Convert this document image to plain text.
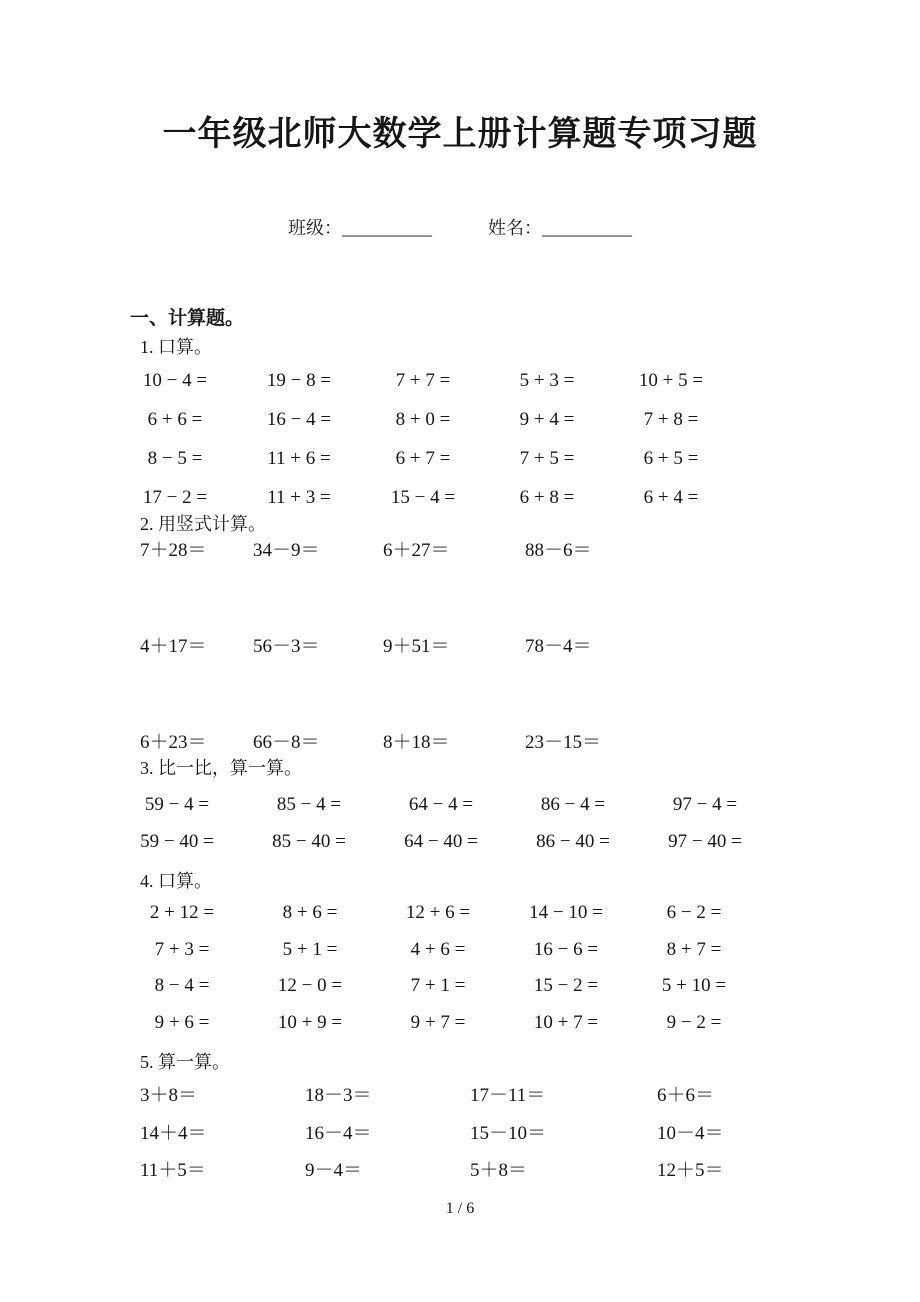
一年级北师大数学上册计算题专项习题
班级：__________	姓名：__________
一、计算题。
1. 口算。
10 − 4 =	19 − 8 =	7 + 7 =	5 + 3 =	10 + 5 =
6 + 6 =	16 − 4 =	8 + 0 =	9 + 4 =	7 + 8 =
8 − 5 =	11 + 6 =	6 + 7 =	7 + 5 =	6 + 5 =
17 − 2 =	11 + 3 =	15 − 4 =	6 + 8 =	6 + 4 =
2. 用竖式计算。
7＋28＝	34－9＝	6＋27＝	88－6＝
4＋17＝	56－3＝	9＋51＝	78－4＝
6＋23＝	66－8＝	8＋18＝	23－15＝
3. 比一比，算一算。
59 − 4 =	85 − 4 =	64 − 4 =	86 − 4 =	97 − 4 =
59 − 40 =	85 − 40 =	64 − 40 =	86 − 40 =	97 − 40 =
4. 口算。
2 + 12 =	8 + 6 =	12 + 6 =	14 − 10 =	6 − 2 =
7 + 3 =	5 + 1 =	4 + 6 =	16 − 6 =	8 + 7 =
8 − 4 =	12 − 0 =	7 + 1 =	15 − 2 =	5 + 10 =
9 + 6 =	10 + 9 =	9 + 7 =	10 + 7 =	9 − 2 =
5. 算一算。
3＋8＝	18－3＝	17－11＝	6＋6＝
14＋4＝	16－4＝	15－10＝	10－4＝
11＋5＝	9－4＝	5＋8＝	12＋5＝
1 / 6
